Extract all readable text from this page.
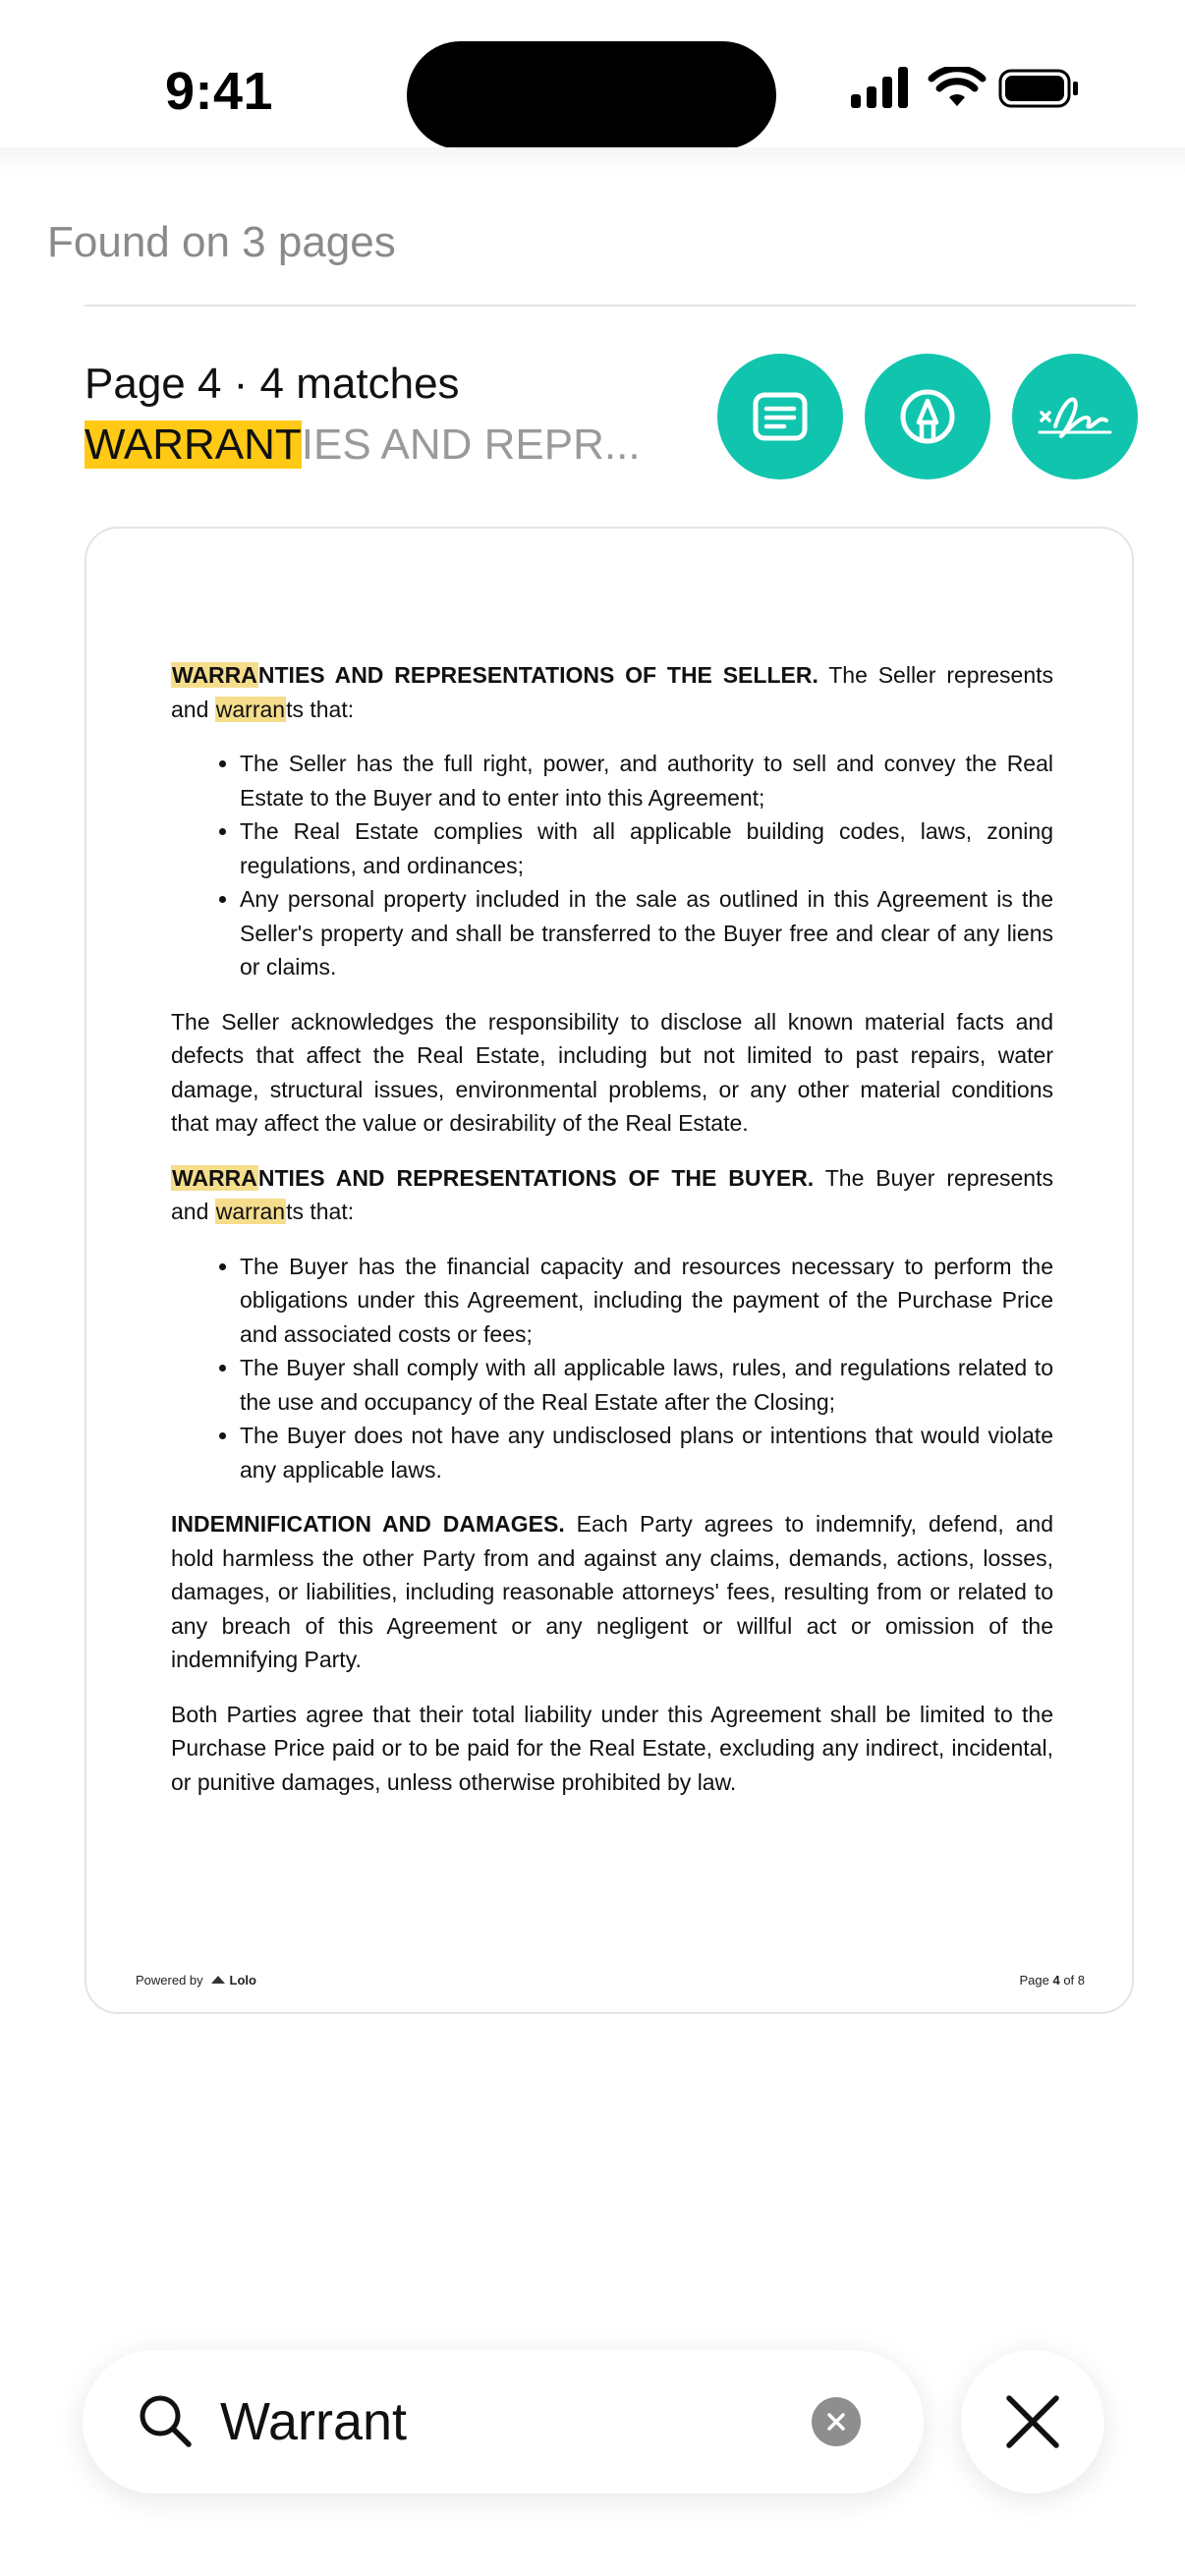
9:41
Found on 3 pages
Page 4 · 4 matches
WARRANTIES AND REPR...

WARRANTIES AND REPRESENTATIONS OF THE SELLER. The Seller represents and warrants that:

• The Seller has the full right, power, and authority to sell and convey the Real Estate to the Buyer and to enter into this Agreement;
• The Real Estate complies with all applicable building codes, laws, zoning regulations, and ordinances;
• Any personal property included in the sale as outlined in this Agreement is the Seller's property and shall be transferred to the Buyer free and clear of any liens or claims.

The Seller acknowledges the responsibility to disclose all known material facts and defects that affect the Real Estate, including but not limited to past repairs, water damage, structural issues, environmental problems, or any other material conditions that may affect the value or desirability of the Real Estate.

WARRANTIES AND REPRESENTATIONS OF THE BUYER. The Buyer represents and warrants that:

• The Buyer has the financial capacity and resources necessary to perform the obligations under this Agreement, including the payment of the Purchase Price and associated costs or fees;
• The Buyer shall comply with all applicable laws, rules, and regulations related to the use and occupancy of the Real Estate after the Closing;
• The Buyer does not have any undisclosed plans or intentions that would violate any applicable laws.

INDEMNIFICATION AND DAMAGES. Each Party agrees to indemnify, defend, and hold harmless the other Party from and against any claims, demands, actions, losses, damages, or liabilities, including reasonable attorneys' fees, resulting from or related to any breach of this Agreement or any negligent or willful act or omission of the indemnifying Party.

Both Parties agree that their total liability under this Agreement shall be limited to the Purchase Price paid or to be paid for the Real Estate, excluding any indirect, incidental, or punitive damages, unless otherwise prohibited by law.

Powered by Lolo	Page 4 of 8
Warrant
